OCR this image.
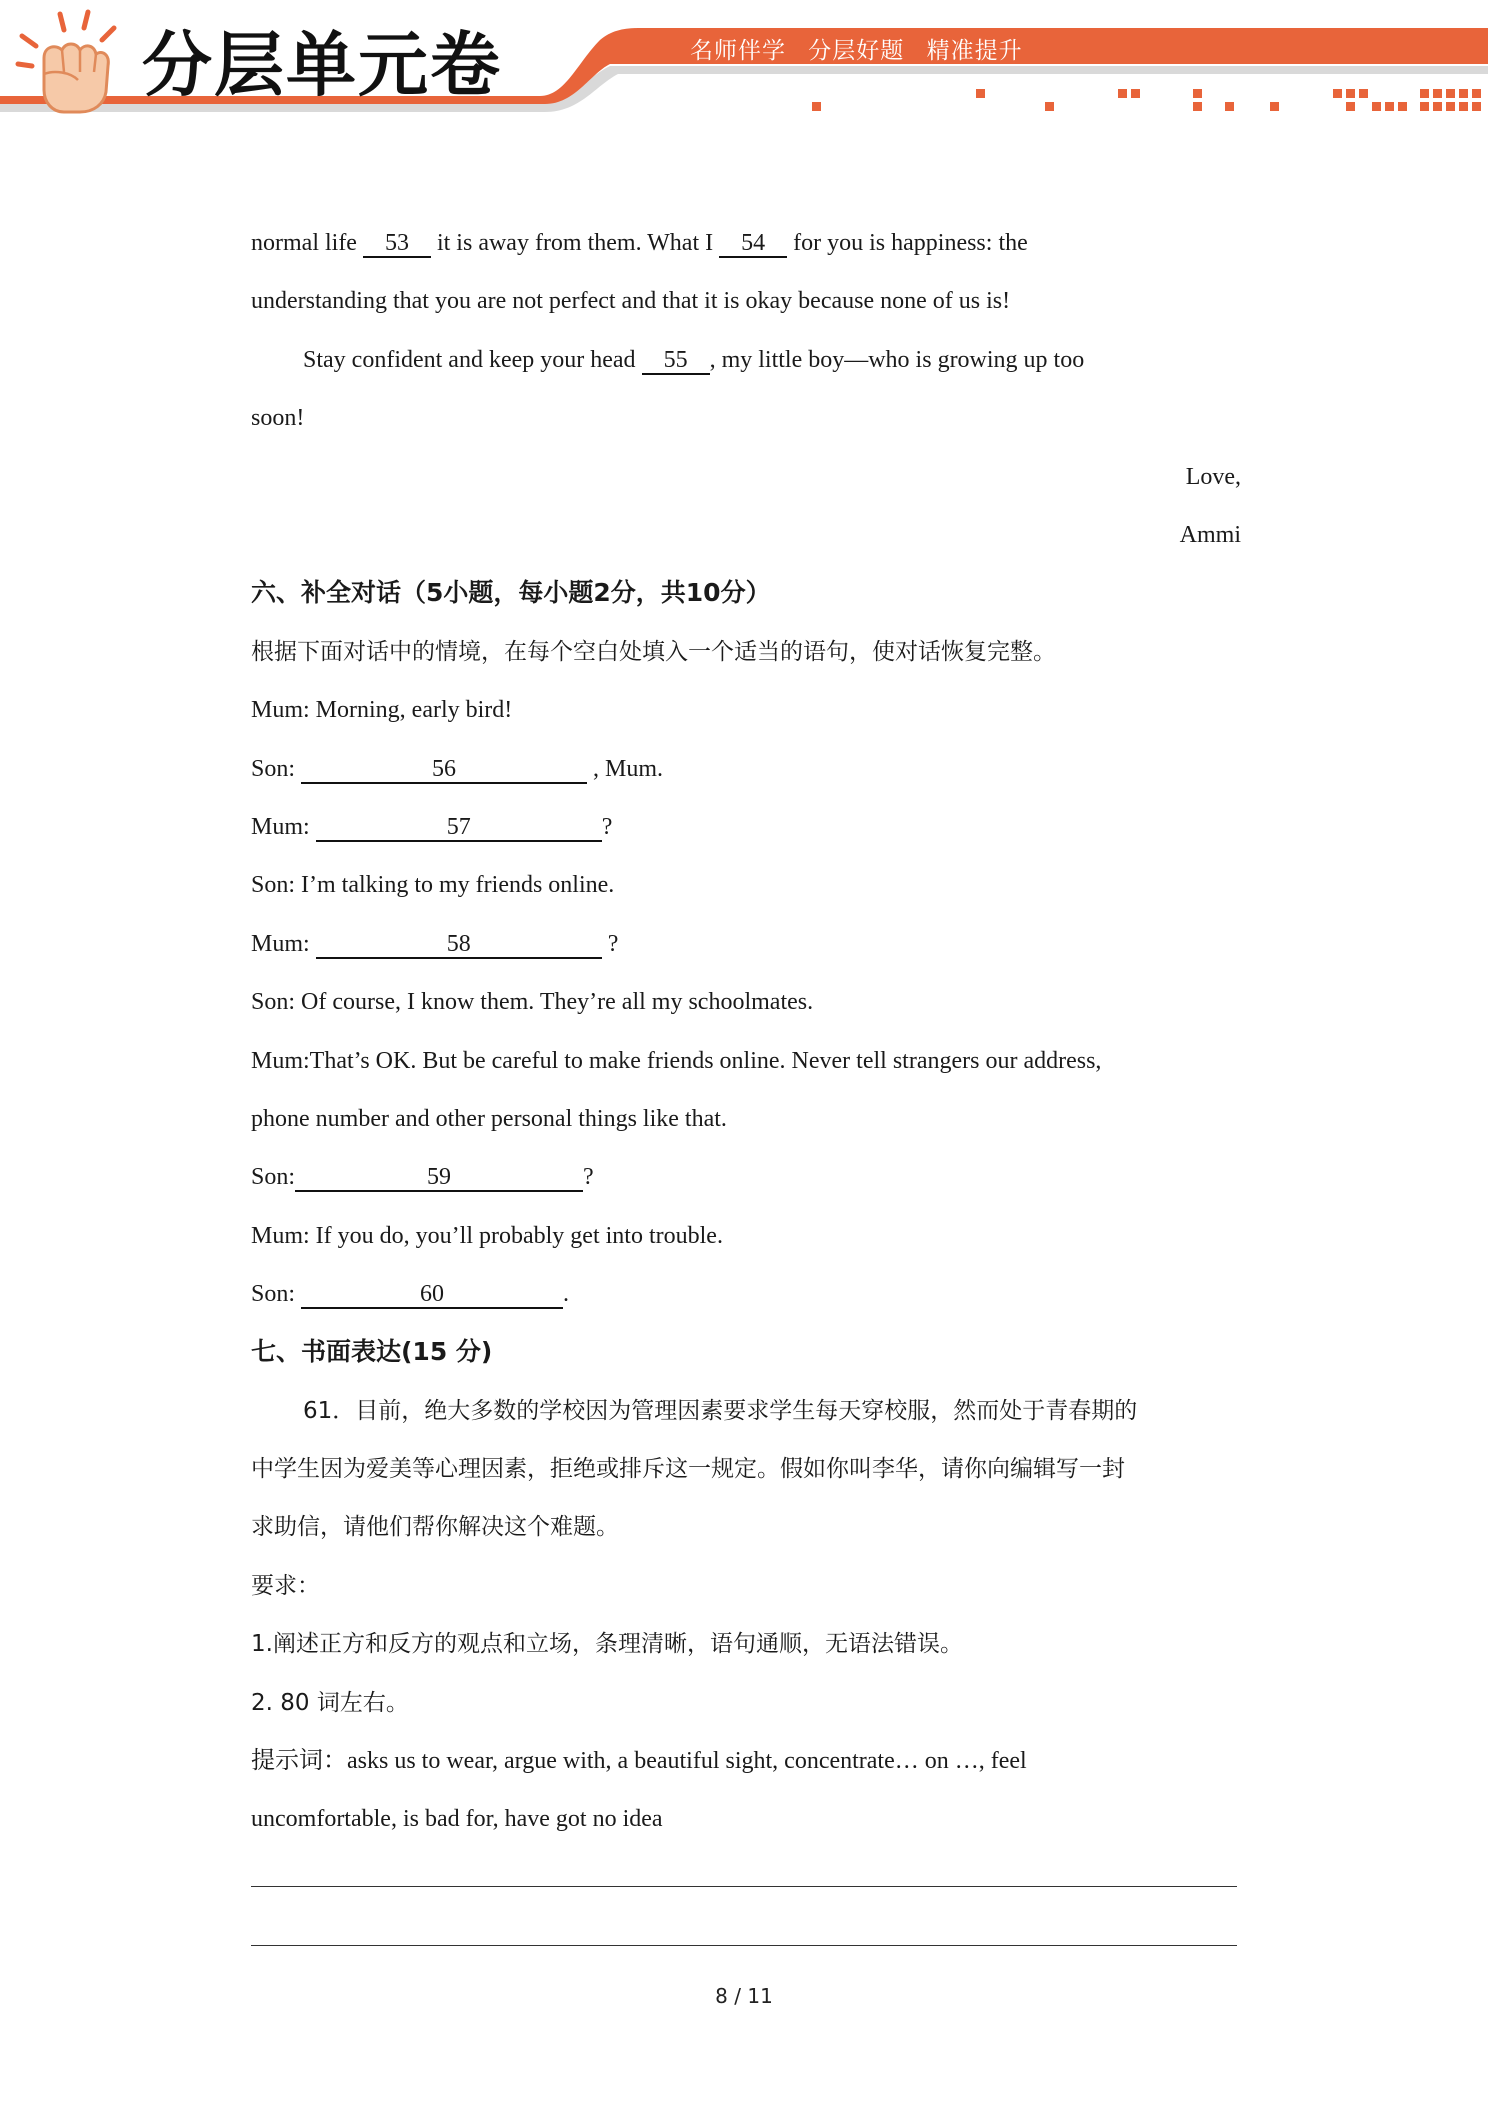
分层单元卷	名师伴学 分层好题 精准提升
normal life 53 it is away from them. What I 54 for you is happiness: the
understanding that you are not perfect and that it is okay because none of us is!
Stay confident and keep your head 55 , my little boy—who is growing up too
soon!
Love,
Ammi
六、补全对话（5小题，每小题2分，共10分）
根据下面对话中的情境，在每个空白处填入一个适当的语句，使对话恢复完整。
Mum: Morning, early bird!
Son:	56	, Mum.
Mum:	57	?
Son: I’m talking to my friends online.
Mum:	58	?
Son: Of course, I know them. They’re all my schoolmates.
Mum:That’s OK. But be careful to make friends online. Never tell strangers our address,
phone number and other personal things like that.
Son:	59	?
Mum: If you do, you’ll probably get into trouble.
Son:	60	.
七、书面表达(15 分)
61．目前，绝大多数的学校因为管理因素要求学生每天穿校服，然而处于青春期的
中学生因为爱美等心理因素，拒绝或排斥这一规定。假如你叫李华，请你向编辑写一封
求助信，请他们帮你解决这个难题。
要求：
1.阐述正方和反方的观点和立场，条理清晰，语句通顺，无语法错误。
2. 80 词左右。
提示词：asks us to wear, argue with, a beautiful sight, concentrate… on …, feel
uncomfortable, is bad for, have got no idea
8 / 11
